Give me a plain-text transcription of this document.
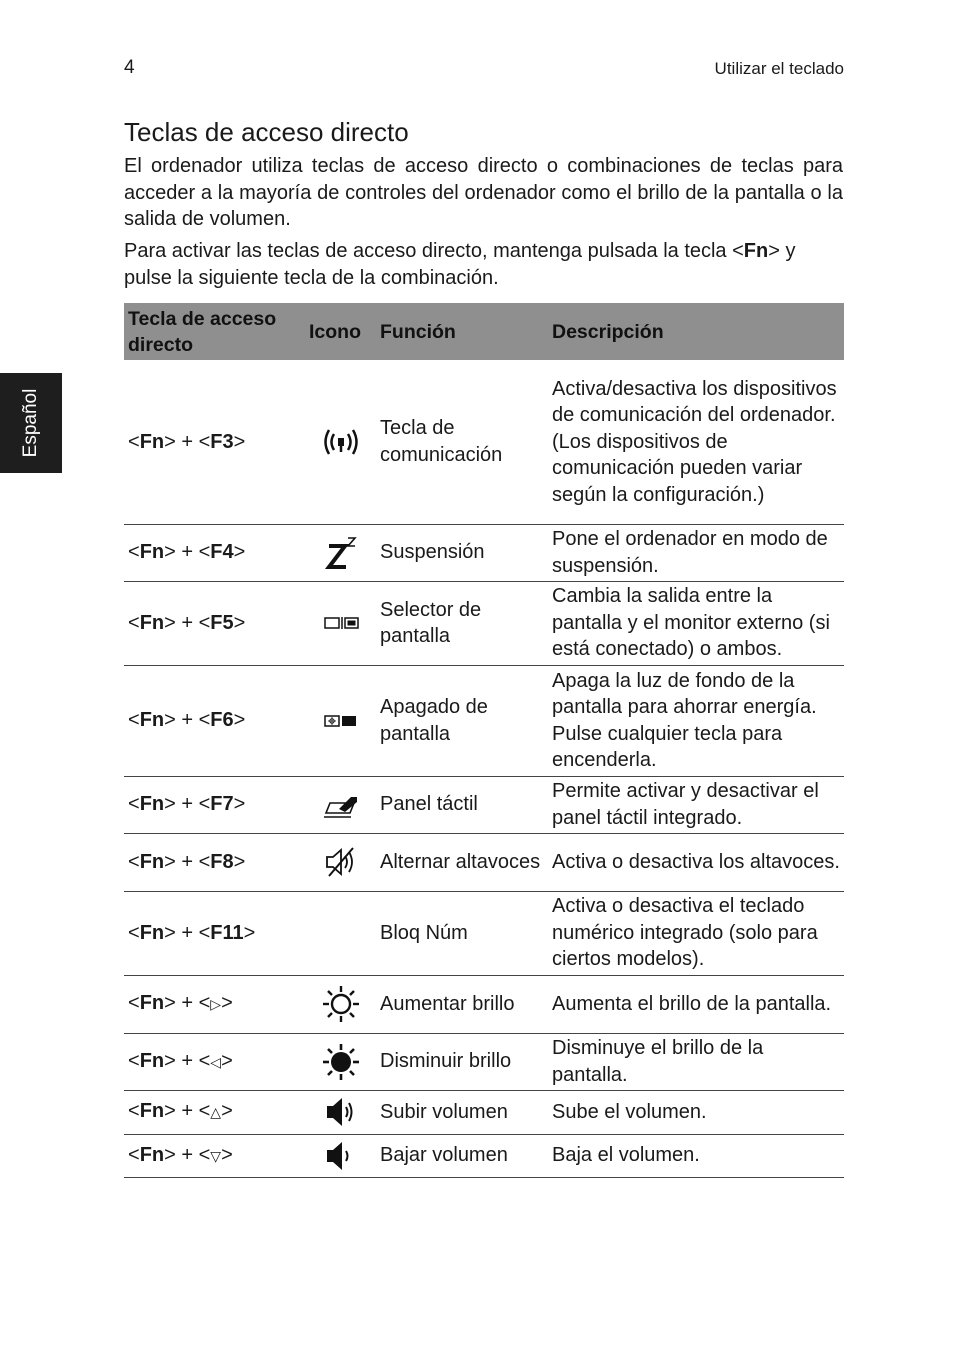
4	Utilizar el teclado
Español
Teclas de acceso directo

El ordenador utiliza teclas de acceso directo o combinaciones de teclas para acceder a la mayoría de controles del ordenador como el brillo de la pantalla o la salida de volumen.

Para activar las teclas de acceso directo, mantenga pulsada la tecla <Fn> y pulse la siguiente tecla de la combinación.

Tecla de acceso directo	Icono	Función	Descripción
<Fn> + <F3>		Tecla de comunicación	Activa/desactiva los dispositivos de comunicación del ordenador. (Los dispositivos de comunicación pueden variar según la configuración.)
<Fn> + <F4>		Suspensión	Pone el ordenador en modo de suspensión.
<Fn> + <F5>		Selector de pantalla	Cambia la salida entre la pantalla y el monitor externo (si está conectado) o ambos.
<Fn> + <F6>		Apagado de pantalla	Apaga la luz de fondo de la pantalla para ahorrar energía. Pulse cualquier tecla para encenderla.
<Fn> + <F7>		Panel táctil	Permite activar y desactivar el panel táctil integrado.
<Fn> + <F8>		Alternar altavoces	Activa o desactiva los altavoces.
<Fn> + <F11>		Bloq Núm	Activa o desactiva el teclado numérico integrado (solo para ciertos modelos).
<Fn> + <▷>		Aumentar brillo	Aumenta el brillo de la pantalla.
<Fn> + <◁>		Disminuir brillo	Disminuye el brillo de la pantalla.
<Fn> + <△>		Subir volumen	Sube el volumen.
<Fn> + <▽>		Bajar volumen	Baja el volumen.
